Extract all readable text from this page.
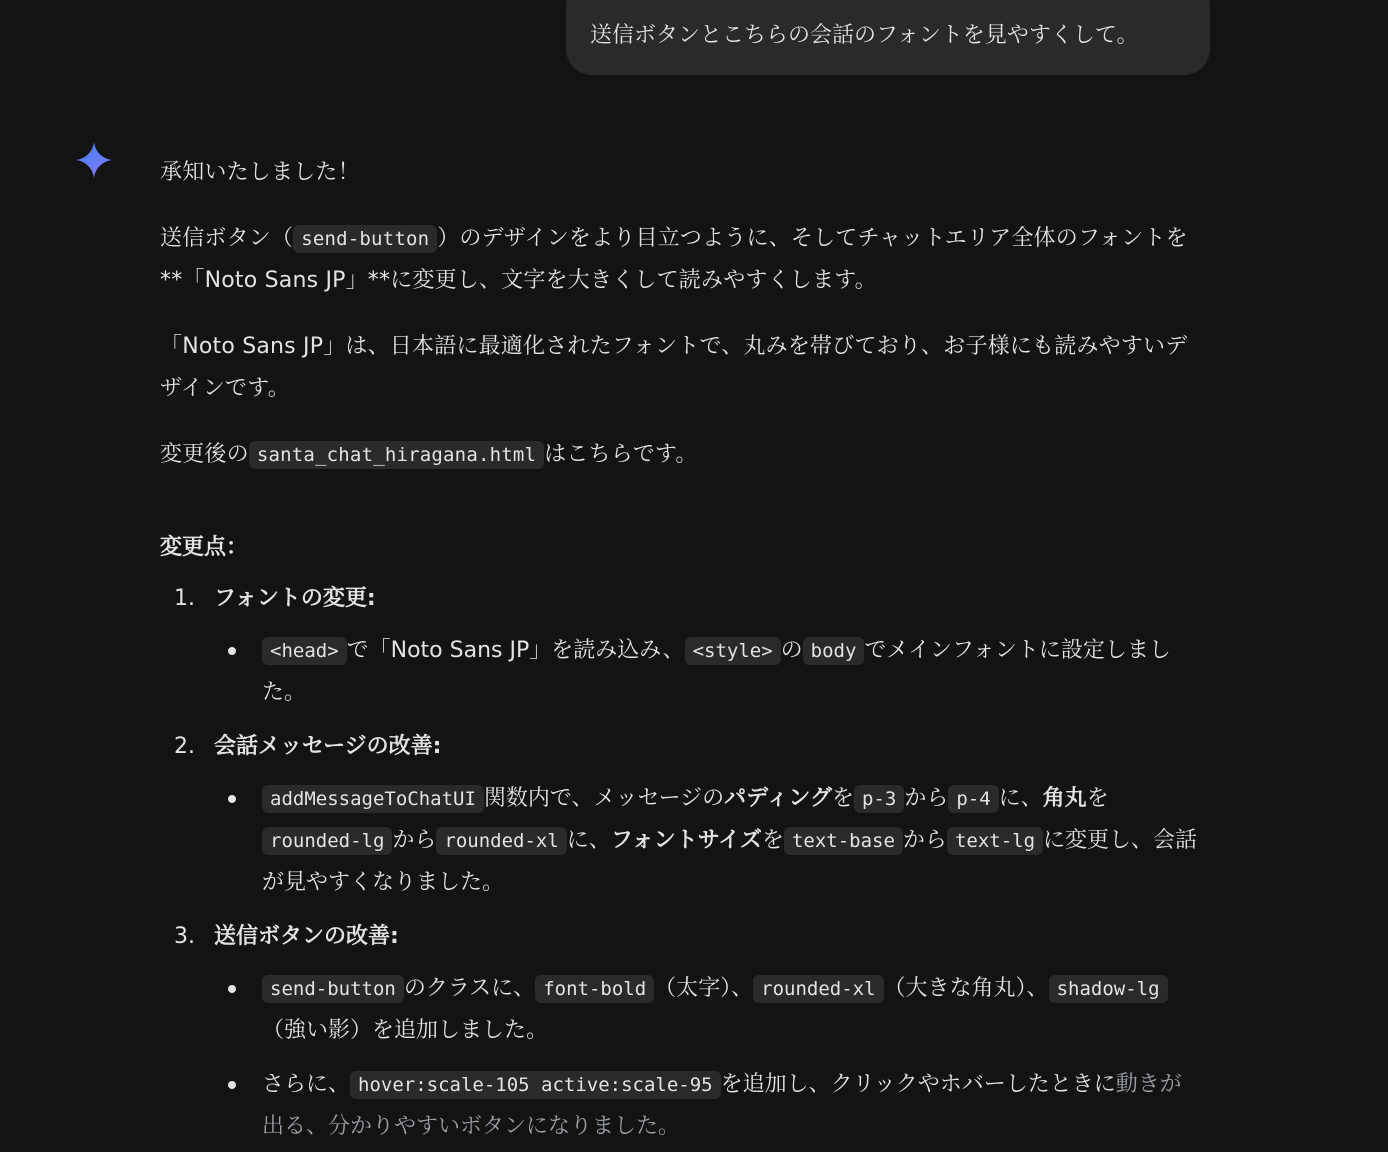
送信ボタンとこちらの会話のフォントを見やすくして。

承知いたしました！

送信ボタン（ send-button ）のデザインをより目立つように、そしてチャットエリア全体のフォントを**「Noto Sans JP」**に変更し、文字を大きくして読みやすくします。

「Noto Sans JP」は、日本語に最適化されたフォントで、丸みを帯びており、お子様にも読みやすいデザインです。

変更後の santa_chat_hiragana.html はこちらです。

変更点：
1. フォントの変更:
<head> で「Noto Sans JP」を読み込み、 <style> の body でメインフォントに設定しました。
2. 会話メッセージの改善:
addMessageToChatUI 関数内で、メッセージのパディングを p-3 から p-4 に、角丸をrounded-lg から rounded-xl に、フォントサイズを text-base から text-lg に変更し、会話が見やすくなりました。
3. 送信ボタンの改善:
send-button のクラスに、 font-bold （太字）、 rounded-xl （大きな角丸）、 shadow-lg（強い影）を追加しました。
さらに、 hover:scale-105 active:scale-95 を追加し、クリックやホバーしたときに動きが出る、分かりやすいボタンになりました。
